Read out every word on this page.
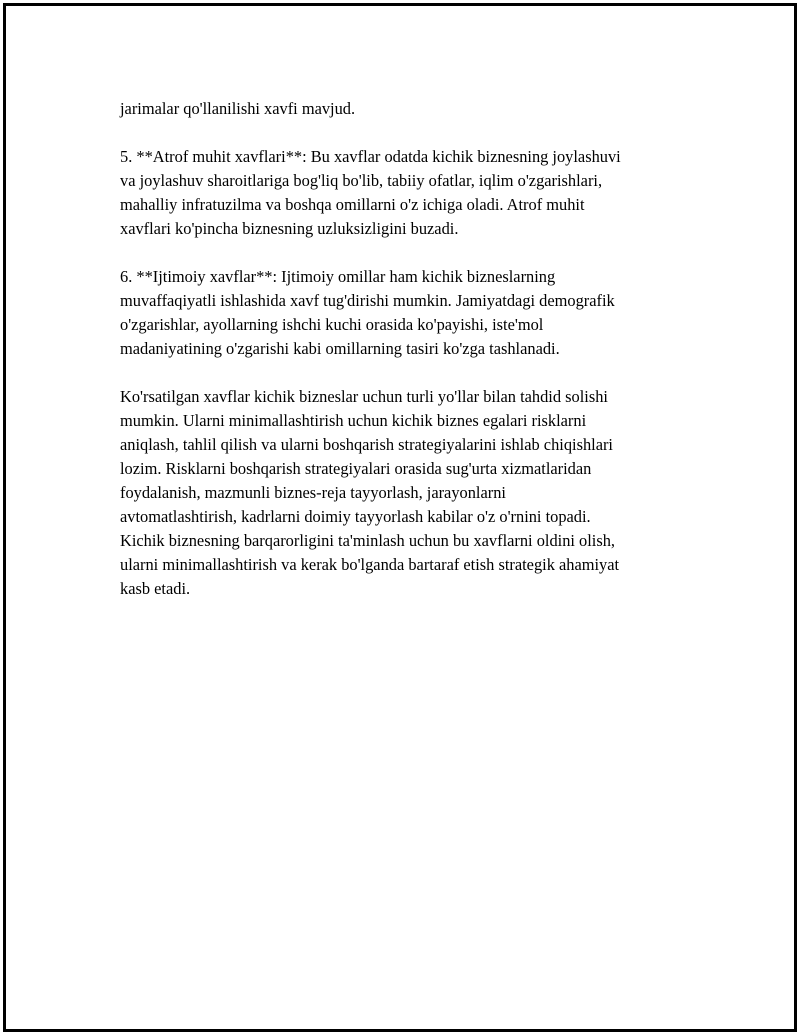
jarimalar qo'llanilishi xavfi mavjud.

5. **Atrof muhit xavflari**: Bu xavflar odatda kichik biznesning joylashuvi
va joylashuv sharoitlariga bog'liq bo'lib, tabiiy ofatlar, iqlim o'zgarishlari,
mahalliy infratuzilma va boshqa omillarni o'z ichiga oladi. Atrof muhit
xavflari ko'pincha biznesning uzluksizligini buzadi.

6. **Ijtimoiy xavflar**: Ijtimoiy omillar ham kichik bizneslarning
muvaffaqiyatli ishlashida xavf tug'dirishi mumkin. Jamiyatdagi demografik
o'zgarishlar, ayollarning ishchi kuchi orasida ko'payishi, iste'mol
madaniyatining o'zgarishi kabi omillarning tasiri ko'zga tashlanadi.

Ko'rsatilgan xavflar kichik bizneslar uchun turli yo'llar bilan tahdid solishi
mumkin. Ularni minimallashtirish uchun kichik biznes egalari risklarni
aniqlash, tahlil qilish va ularni boshqarish strategiyalarini ishlab chiqishlari
lozim. Risklarni boshqarish strategiyalari orasida sug'urta xizmatlaridan
foydalanish, mazmunli biznes-reja tayyorlash, jarayonlarni
avtomatlashtirish, kadrlarni doimiy tayyorlash kabilar o'z o'rnini topadi.
Kichik biznesning barqarorligini ta'minlash uchun bu xavflarni oldini olish,
ularni minimallashtirish va kerak bo'lganda bartaraf etish strategik ahamiyat
kasb etadi.
